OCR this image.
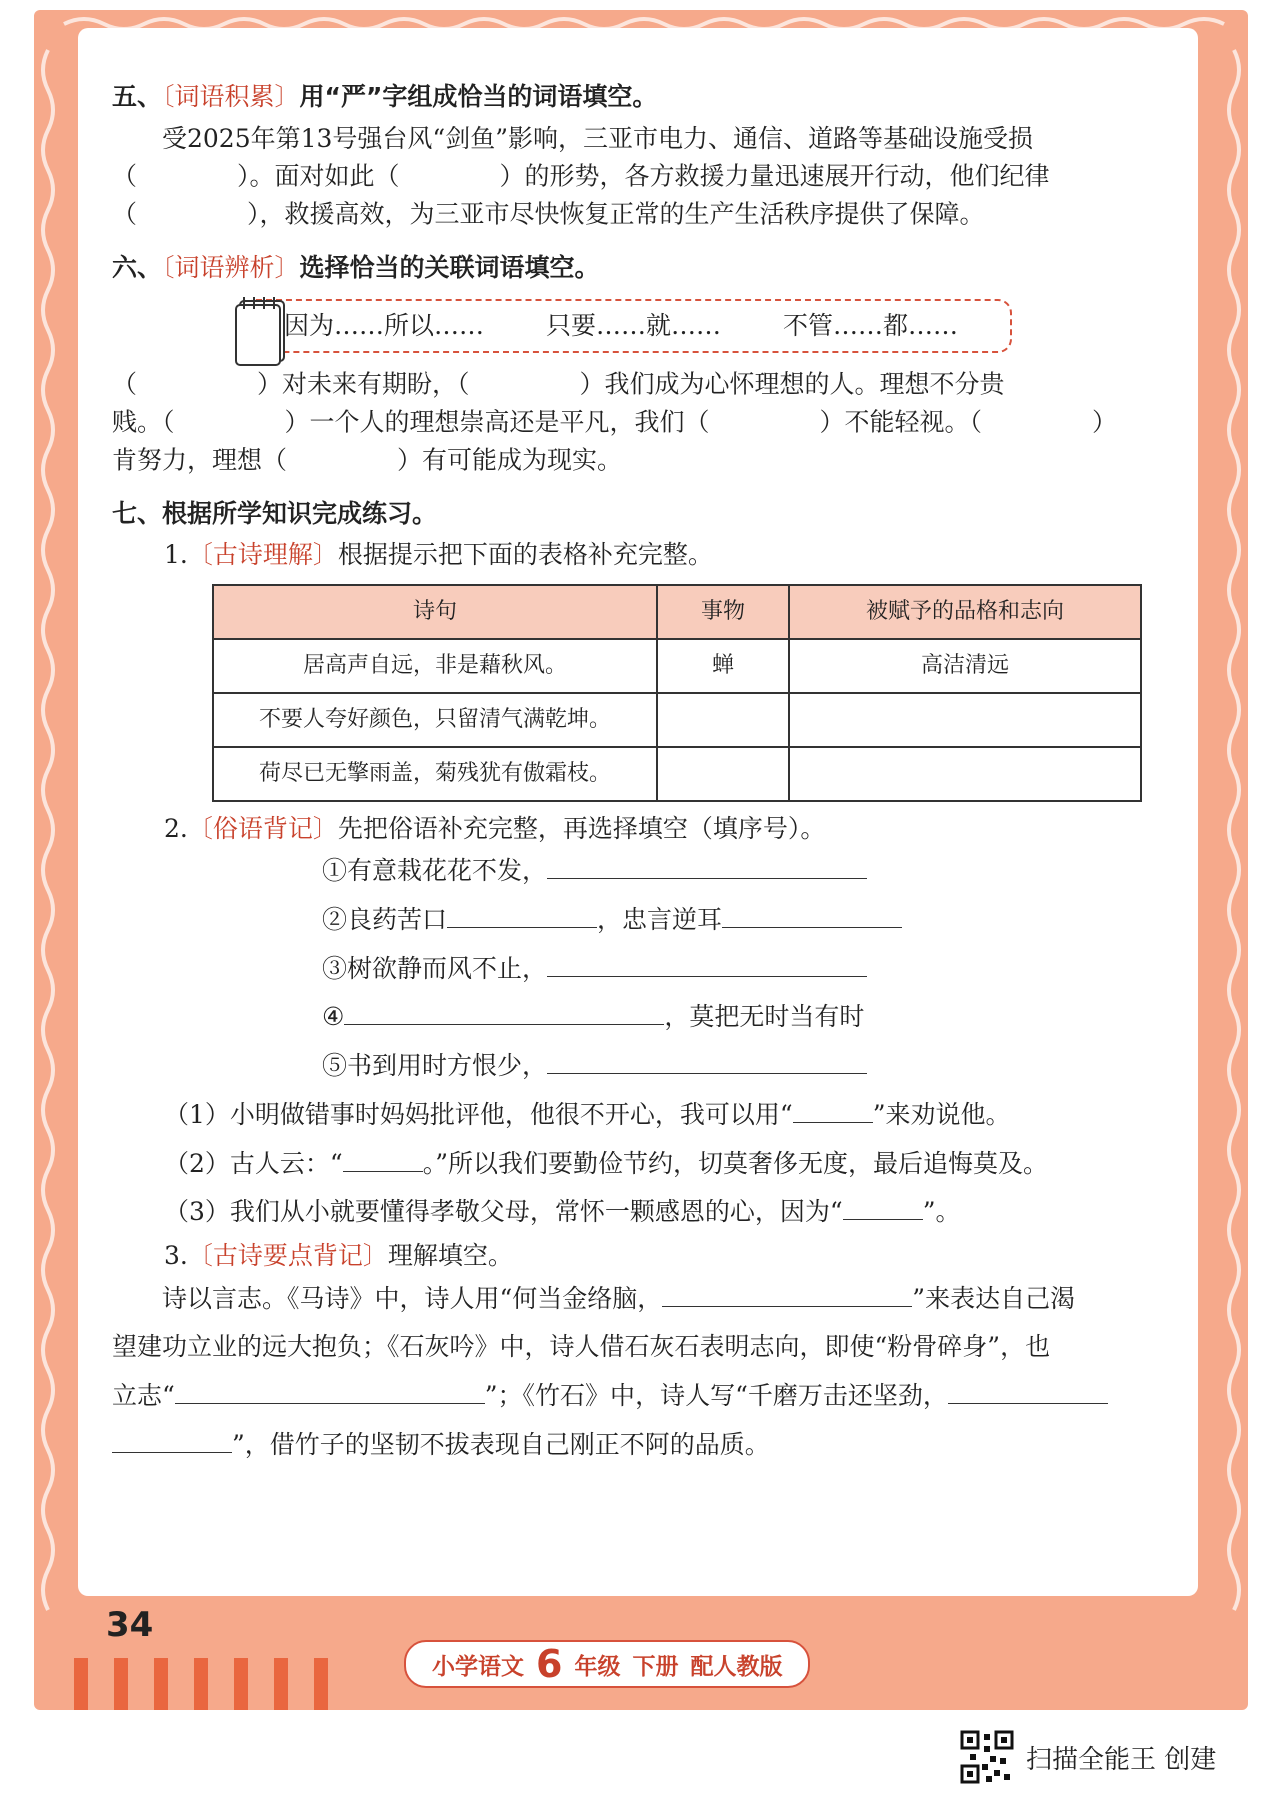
五、〔词语积累〕用“严”字组成恰当的词语填空。

受2025年第13号强台风“剑鱼”影响，三亚市电力、通信、道路等基础设施受损

（	）。面对如此（	）的形势，各方救援力量迅速展开行动，他们纪律

（	），救援高效，为三亚市尽快恢复正常的生产生活秩序提供了保障。

六、〔词语辨析〕选择恰当的关联词语填空。

因为……所以…… 只要……就…… 不管……都……

（	）对未来有期盼，（	）我们成为心怀理想的人。理想不分贵

贱。（	）一个人的理想崇高还是平凡，我们（	）不能轻视。（	）

肯努力，理想（	）有可能成为现实。

七、根据所学知识完成练习。

1.〔古诗理解〕根据提示把下面的表格补充完整。

诗句	事物	被赋予的品格和志向
居高声自远，非是藉秋风。	蝉	高洁清远
不要人夸好颜色，只留清气满乾坤。		
荷尽已无擎雨盖，菊残犹有傲霜枝。		

2.〔俗语背记〕先把俗语补充完整，再选择填空（填序号）。

①有意栽花花不发，

②良药苦口	，忠言逆耳

③树欲静而风不止，

④	，莫把无时当有时

⑤书到用时方恨少，

（1）小明做错事时妈妈批评他，他很不开心，我可以用“	”来劝说他。

（2）古人云：“	。”所以我们要勤俭节约，切莫奢侈无度，最后追悔莫及。

（3）我们从小就要懂得孝敬父母，常怀一颗感恩的心，因为“	”。

3.〔古诗要点背记〕理解填空。

诗以言志。《马诗》中，诗人用“何当金络脑，	”来表达自己渴

望建功立业的远大抱负；《石灰吟》中，诗人借石灰石表明志向，即使“粉骨碎身”，也

立志“	”；《竹石》中，诗人写“千磨万击还坚劲，

”，借竹子的坚韧不拔表现自己刚正不阿的品质。

34
小学语文 6 年级 下册 配人教版
扫描全能王 创建
